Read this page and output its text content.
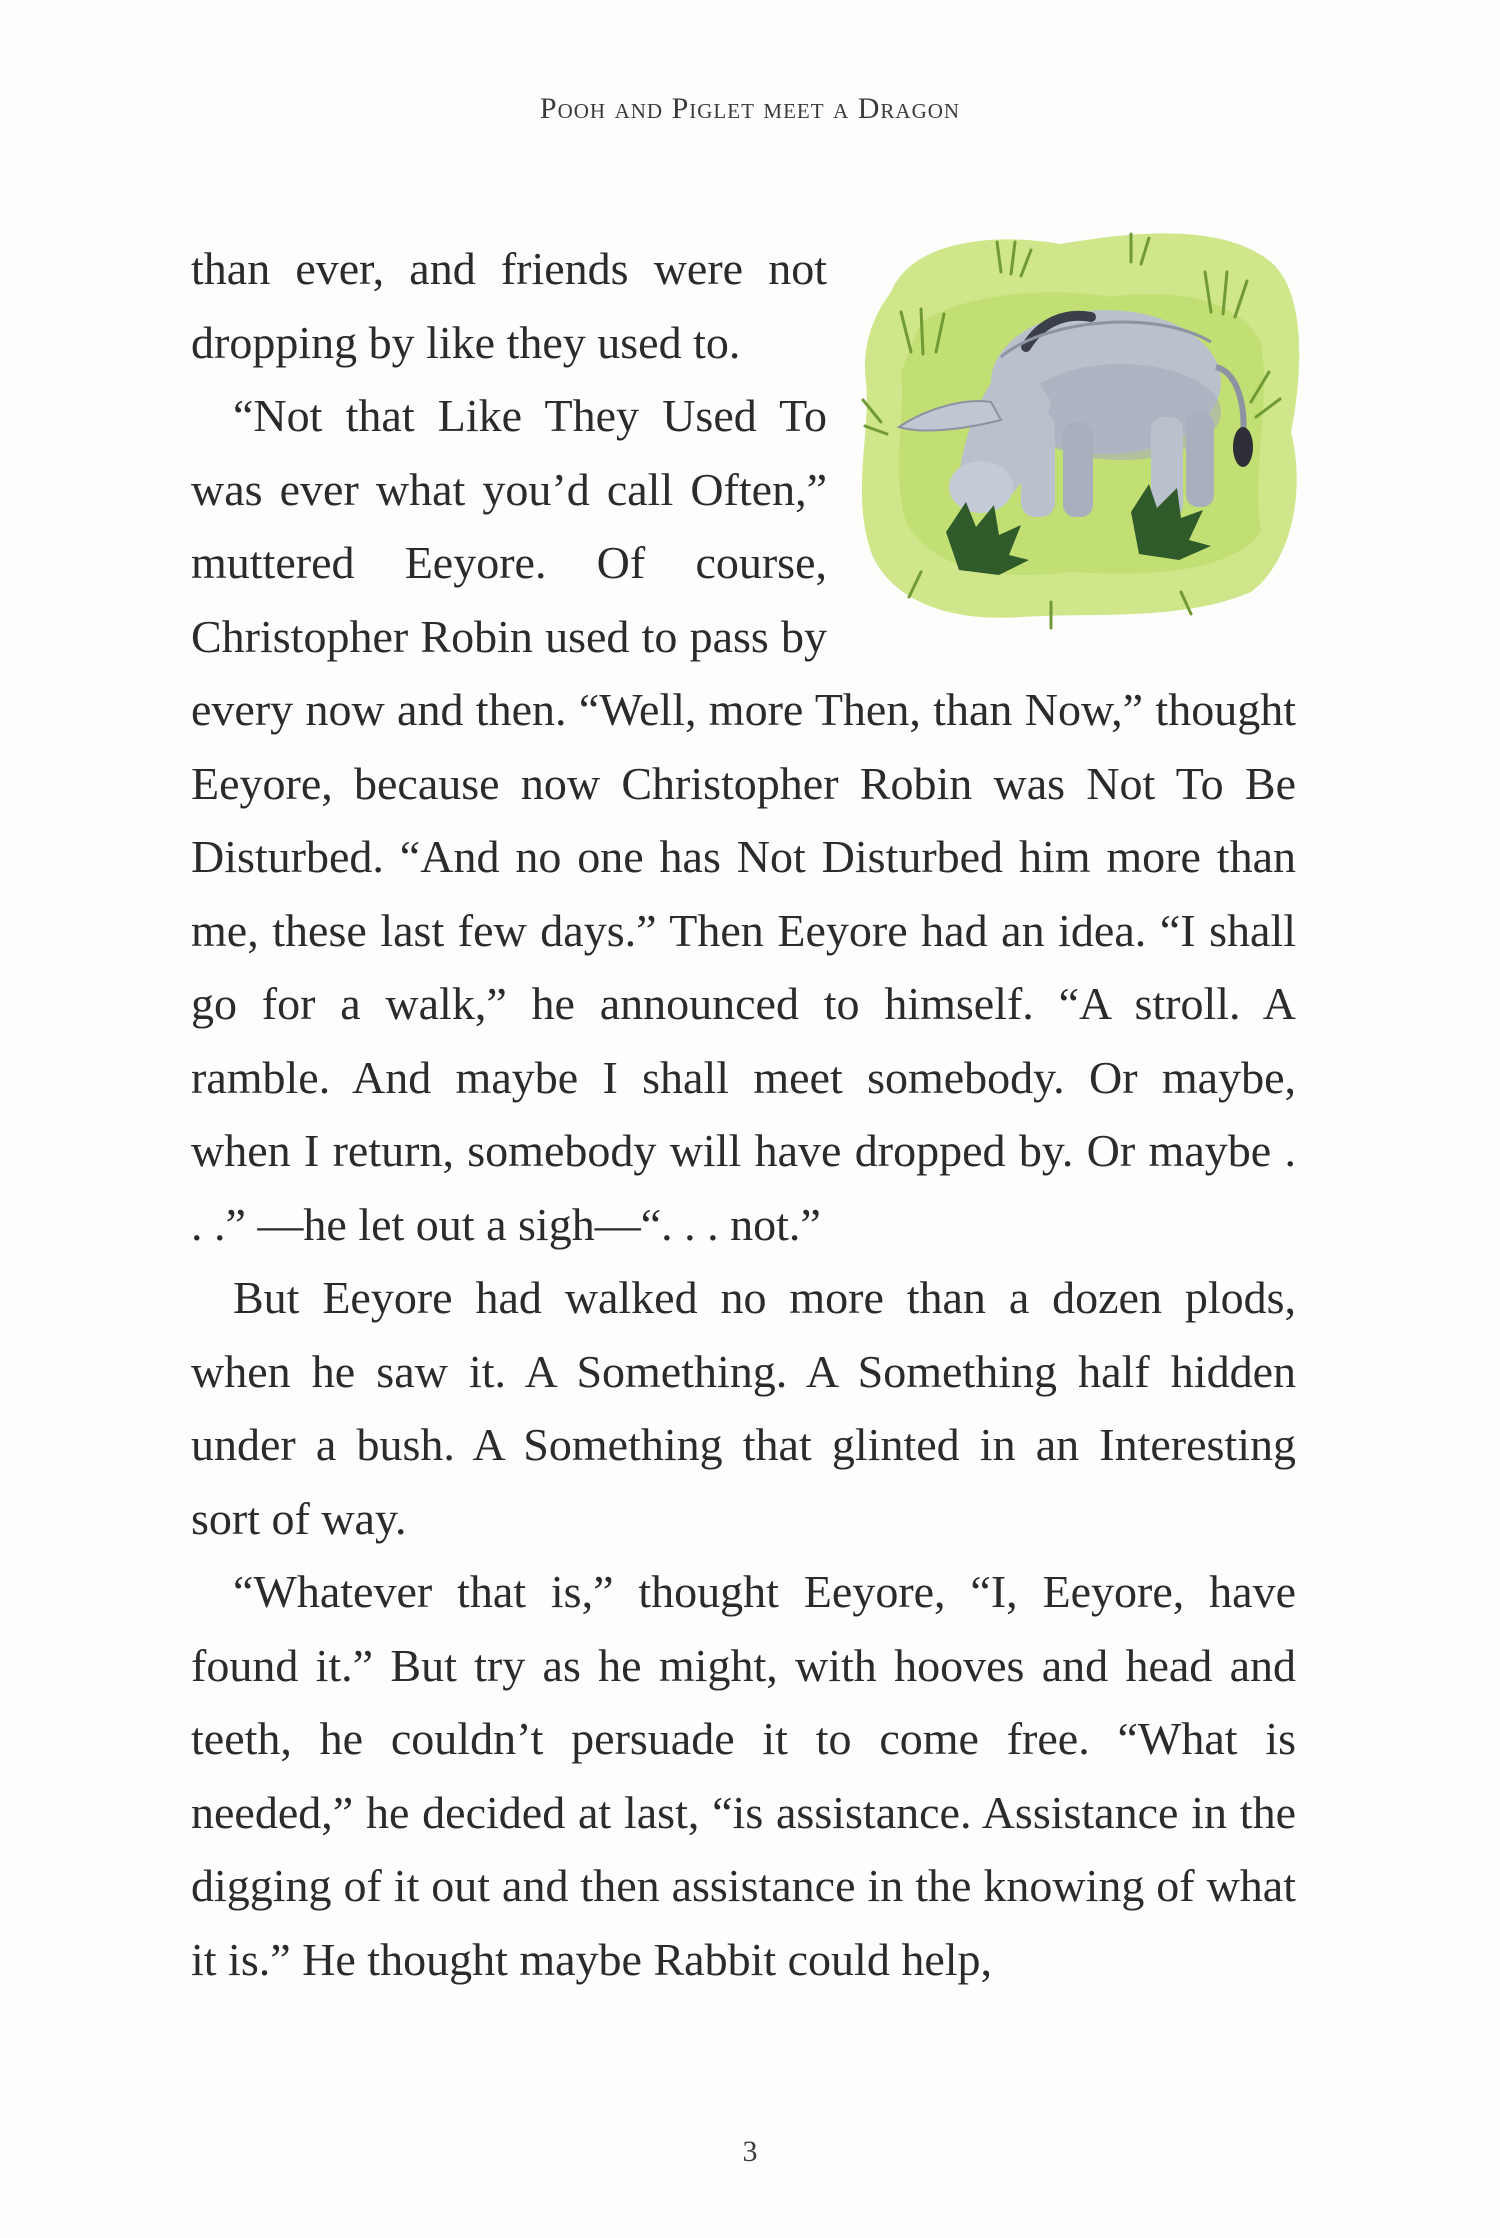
Pooh and Piglet meet a Dragon

than ever, and friends were not dropping by like they used to.

“Not that Like They Used To was ever what you’d call Often,” muttered Eeyore. Of course, Christopher Robin used to pass by every now and then. “Well, more Then, than Now,” thought Eeyore, because now Christopher Robin was Not To Be Disturbed. “And no one has Not Disturbed him more than me, these last few days.” Then Eeyore had an idea. “I shall go for a walk,” he announced to himself. “A stroll. A ramble. And maybe I shall meet somebody. Or maybe, when I return, somebody will have dropped by. Or maybe . . .” —he let out a sigh—“. . . not.”

But Eeyore had walked no more than a dozen plods, when he saw it. A Something. A Something half hidden under a bush. A Something that glinted in an Interesting sort of way.

“Whatever that is,” thought Eeyore, “I, Eeyore, have found it.” But try as he might, with hooves and head and teeth, he couldn’t persuade it to come free. “What is needed,” he decided at last, “is assistance. Assistance in the digging of it out and then assistance in the knowing of what it is.” He thought maybe Rabbit could help,

3
